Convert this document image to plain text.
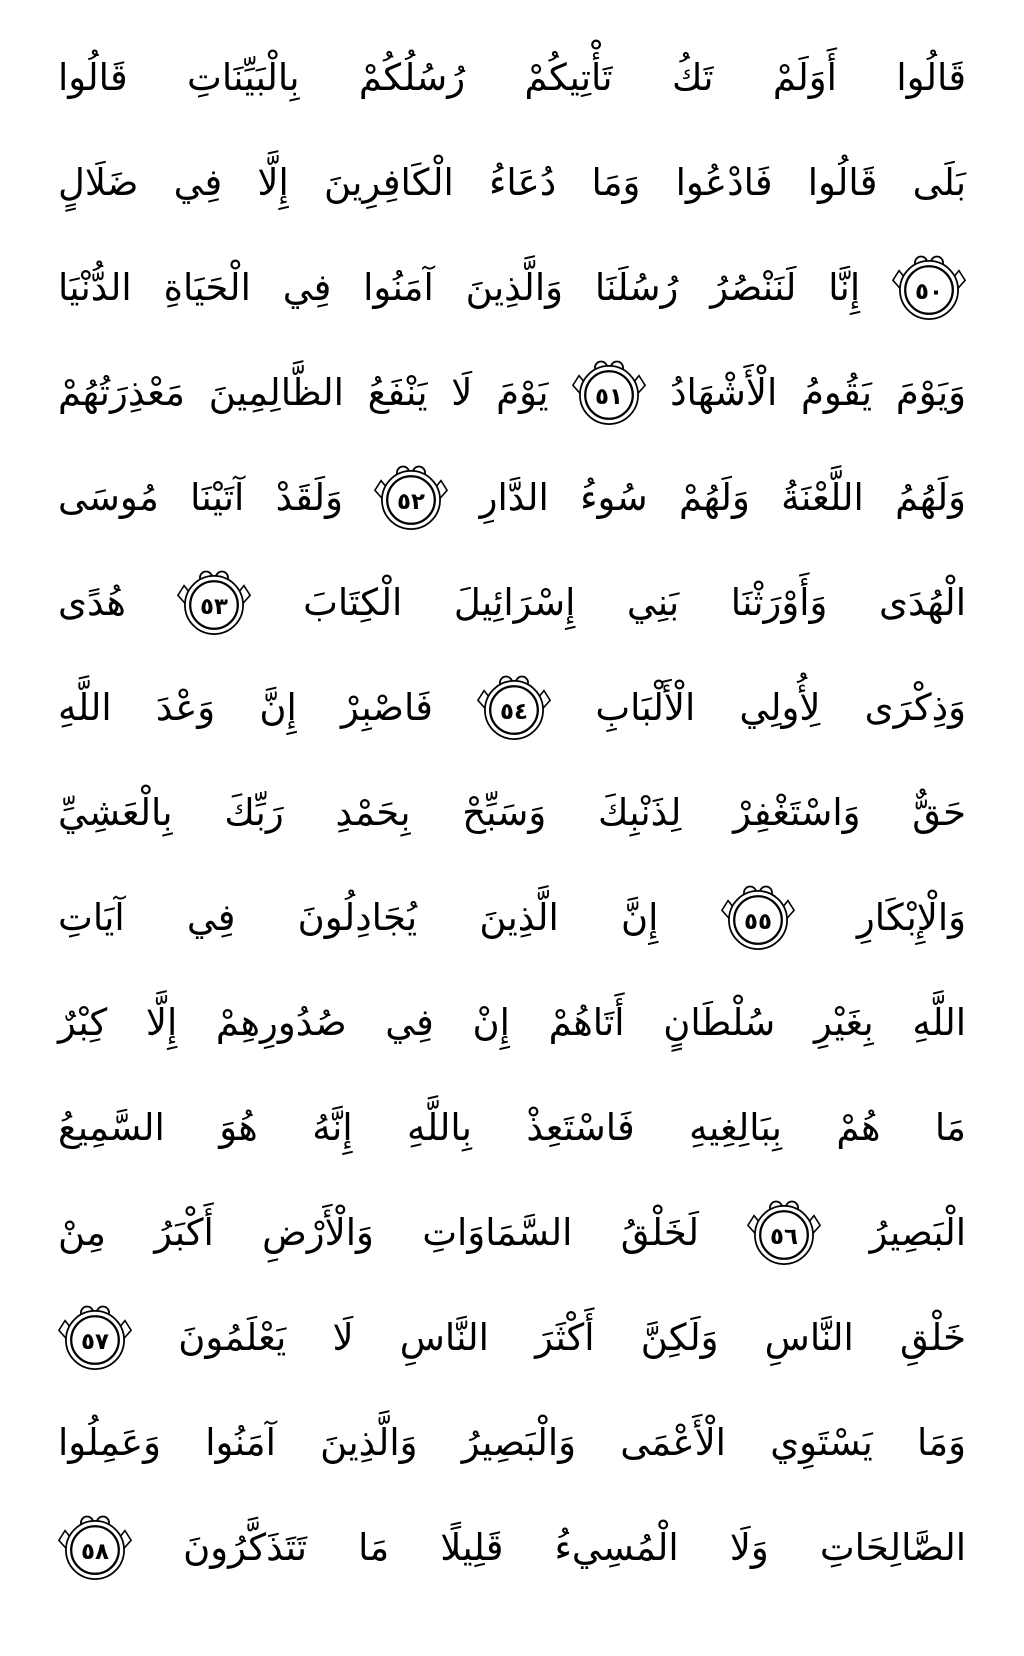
قَالُوا أَوَلَمْ تَكُ تَأْتِيكُمْ رُسُلُكُمْ بِالْبَيِّنَاتِ قَالُوا
بَلَى قَالُوا فَادْعُوا وَمَا دُعَاءُ الْكَافِرِينَ إِلَّا فِي ضَلَالٍ
٥٠
إِنَّا لَنَنْصُرُ رُسُلَنَا وَالَّذِينَ آمَنُوا فِي الْحَيَاةِ الدُّنْيَا
وَيَوْمَ يَقُومُ الْأَشْهَادُ
٥١
يَوْمَ لَا يَنْفَعُ الظَّالِمِينَ مَعْذِرَتُهُمْ
وَلَهُمُ اللَّعْنَةُ وَلَهُمْ سُوءُ الدَّارِ
٥٢
وَلَقَدْ آتَيْنَا مُوسَى
الْهُدَى وَأَوْرَثْنَا بَنِي إِسْرَائِيلَ الْكِتَابَ
٥٣
هُدًى
وَذِكْرَى لِأُولِي الْأَلْبَابِ
٥٤
فَاصْبِرْ إِنَّ وَعْدَ اللَّهِ
حَقٌّ وَاسْتَغْفِرْ لِذَنْبِكَ وَسَبِّحْ بِحَمْدِ رَبِّكَ بِالْعَشِيِّ
وَالْإِبْكَارِ
٥٥
إِنَّ الَّذِينَ يُجَادِلُونَ فِي آيَاتِ
اللَّهِ بِغَيْرِ سُلْطَانٍ أَتَاهُمْ إِنْ فِي صُدُورِهِمْ إِلَّا كِبْرٌ
مَا هُمْ بِبَالِغِيهِ فَاسْتَعِذْ بِاللَّهِ إِنَّهُ هُوَ السَّمِيعُ
الْبَصِيرُ
٥٦
لَخَلْقُ السَّمَاوَاتِ وَالْأَرْضِ أَكْبَرُ مِنْ
خَلْقِ النَّاسِ وَلَكِنَّ أَكْثَرَ النَّاسِ لَا يَعْلَمُونَ
٥٧
وَمَا يَسْتَوِي الْأَعْمَى وَالْبَصِيرُ وَالَّذِينَ آمَنُوا وَعَمِلُوا
الصَّالِحَاتِ وَلَا الْمُسِيءُ قَلِيلًا مَا تَتَذَكَّرُونَ
٥٨
